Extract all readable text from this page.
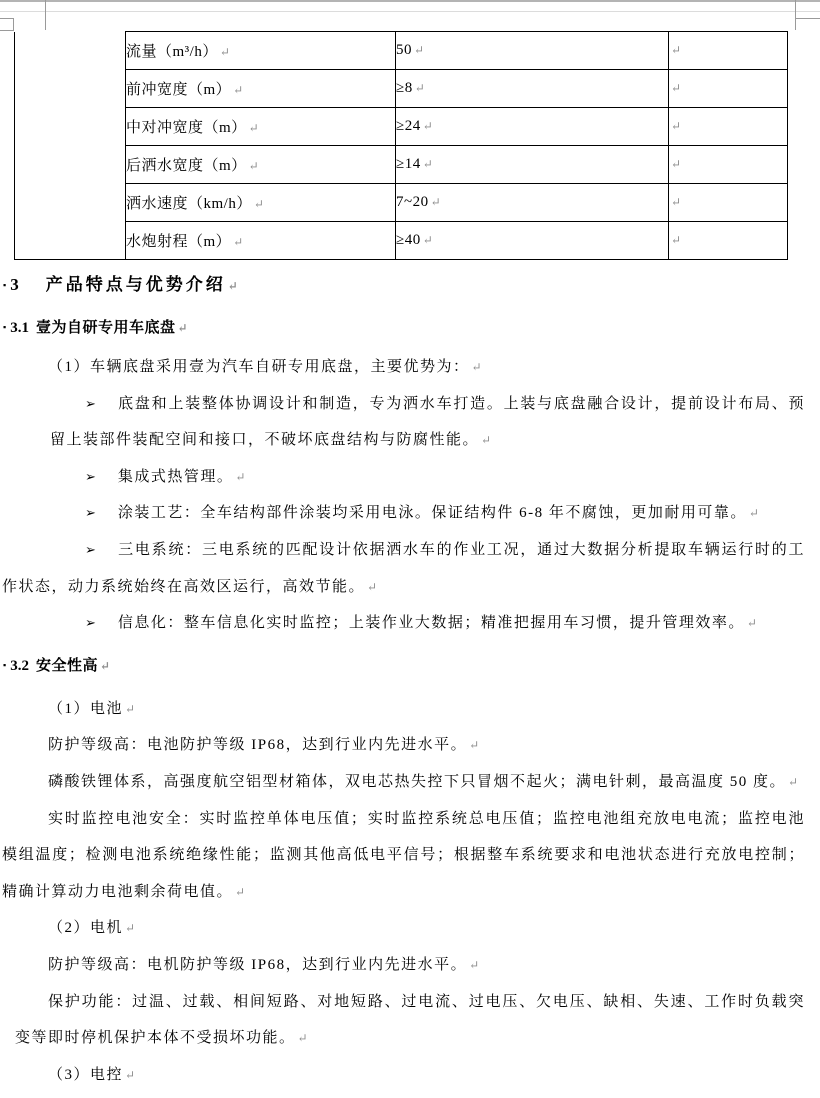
	流量（m³/h） ↵	50 ↵	↵
	前冲宽度（m） ↵	≥8 ↵	↵
	中对冲宽度（m） ↵	≥24 ↵	↵
	后洒水宽度（m） ↵	≥14 ↵	↵
	洒水速度（km/h） ↵	7~20 ↵	↵
	水炮射程（m） ↵	≥40 ↵	↵
▪ 3 产品特点与优势介绍 ↵
▪ 3.1 壹为自研专用车底盘 ↵

（1）车辆底盘采用壹为汽车自研专用底盘，主要优势为： ↵

➢ 底盘和上装整体协调设计和制造，专为洒水车打造。上装与底盘融合设计，提前设计布局、预留上装部件装配空间和接口，不破坏底盘结构与防腐性能。 ↵

➢ 集成式热管理。 ↵

➢ 涂装工艺：全车结构部件涂装均采用电泳。保证结构件 6-8 年不腐蚀，更加耐用可靠。 ↵

➢ 三电系统：三电系统的匹配设计依据洒水车的作业工况，通过大数据分析提取车辆运行时的工作状态，动力系统始终在高效区运行，高效节能。 ↵

➢ 信息化：整车信息化实时监控；上装作业大数据；精准把握用车习惯，提升管理效率。 ↵

▪ 3.2 安全性高 ↵

（1）电池 ↵

防护等级高：电池防护等级 IP68，达到行业内先进水平。 ↵

磷酸铁锂体系，高强度航空铝型材箱体，双电芯热失控下只冒烟不起火；满电针刺，最高温度 50 度。 ↵

实时监控电池安全：实时监控单体电压值；实时监控系统总电压值；监控电池组充放电电流；监控电池模组温度；检测电池系统绝缘性能；监测其他高低电平信号；根据整车系统要求和电池状态进行充放电控制；精确计算动力电池剩余荷电值。 ↵

（2）电机 ↵

防护等级高：电机防护等级 IP68，达到行业内先进水平。 ↵

保护功能：过温、过载、相间短路、对地短路、过电流、过电压、欠电压、缺相、失速、工作时负载突变等即时停机保护本体不受损坏功能。 ↵

（3）电控 ↵
